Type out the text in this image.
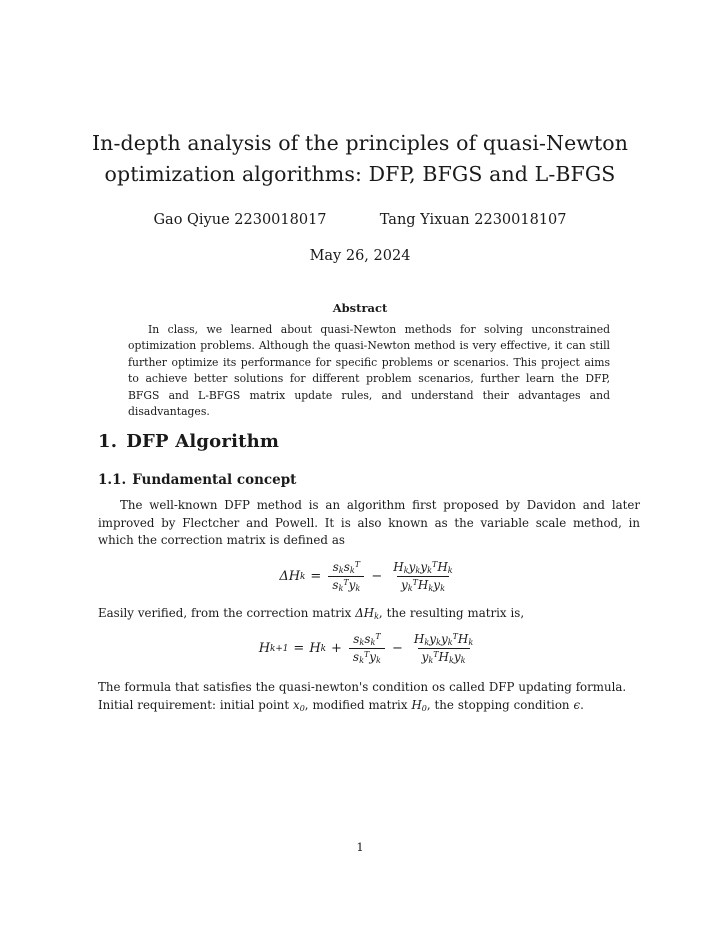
In-depth analysis of the principles of quasi-Newton
optimization algorithms: DFP, BFGS and L-BFGS
Gao Qiyue 2230018017	Tang Yixuan 2230018107
May 26, 2024
Abstract
In class, we learned about quasi-Newton methods for solving unconstrained optimization problems. Although the quasi-Newton method is very effective, it can still further optimize its performance for specific problems or scenarios. This project aims to achieve better solutions for different problem scenarios, further learn the DFP, BFGS and L-BFGS matrix update rules, and understand their advantages and disadvantages.
1. DFP Algorithm
1.1. Fundamental concept
The well-known DFP method is an algorithm first proposed by Davidon and later improved by Flectcher and Powell. It is also known as the variable scale method, in which the correction matrix is defined as
Δ H $k = \frac{s_ks_k^T}{s_k^Ty_k} - \frac{H_ky_ky_k^TH_k}{y_k^TH_ky_k}$
Easily verified, from the correction matrix $\Delta H_k$, the resulting matrix is,
H k+1 = H $k + \frac{s_ks_k^T}{s_k^Ty_k} - \frac{H_ky_ky_k^TH_k}{y_k^TH_ky_k}$
The formula that satisfies the quasi-newton's condition os called DFP updating formula.
Initial requirement: initial point $x_0$, modified matrix $H_0$, the stopping condition ϵ.
1
